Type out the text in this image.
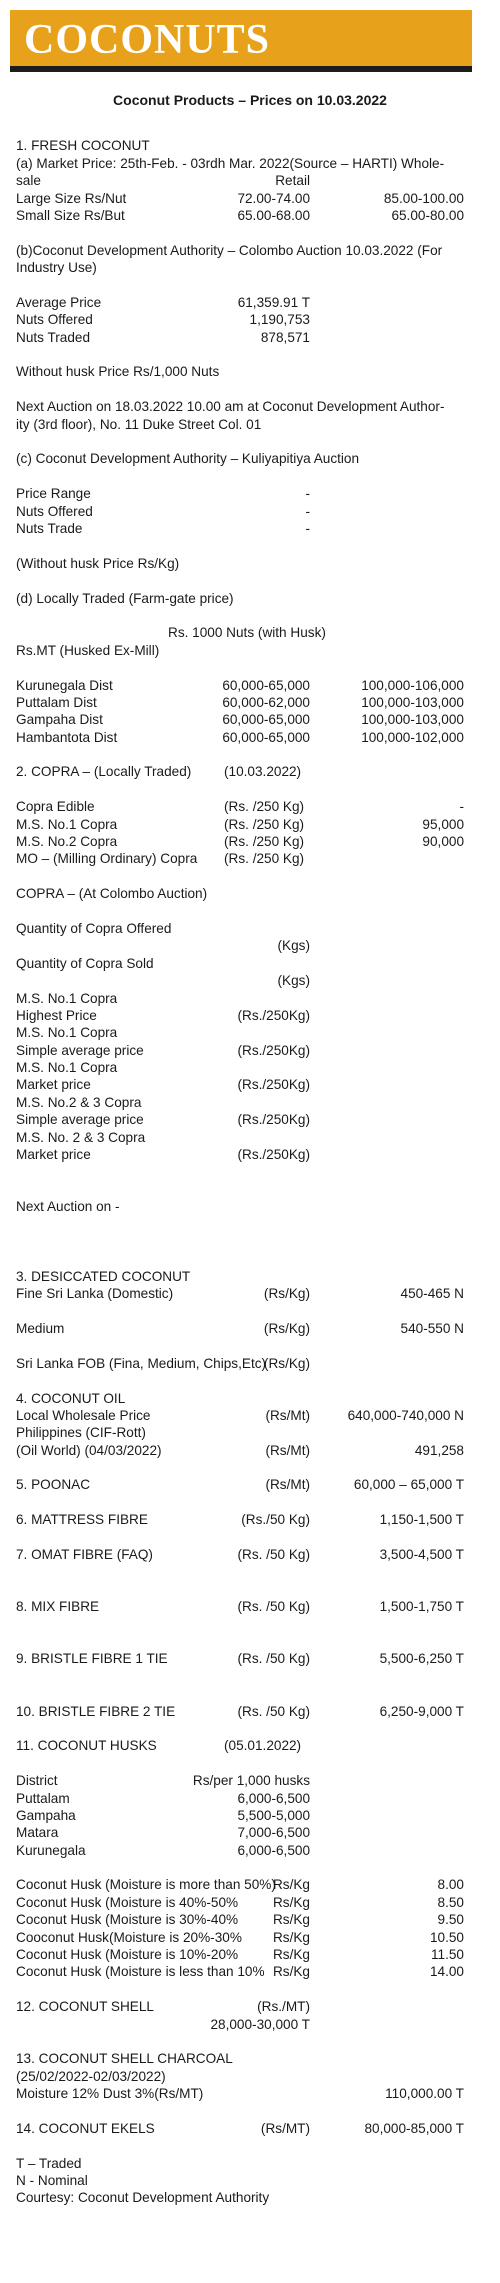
COCONUTS
Coconut Products – Prices on 10.03.2022
1. FRESH COCONUT
(a) Market Price: 25th-Feb. - 03rdh Mar. 2022(Source – HARTI) Whole-
sale	Retail
Large Size Rs/Nut	72.00-74.00	85.00-100.00
Small Size Rs/But	65.00-68.00	65.00-80.00
(b)Coconut Development Authority – Colombo Auction 10.03.2022 (For
Industry Use)
Average Price	61,359.91 T
Nuts Offered	1,190,753
Nuts Traded	878,571
Without husk Price Rs/1,000 Nuts
Next Auction on 18.03.2022 10.00 am at Coconut Development Author-
ity (3rd floor), No. 11 Duke Street Col. 01
(c) Coconut Development Authority – Kuliyapitiya Auction
Price Range	-
Nuts Offered	-
Nuts Trade	-
(Without husk Price Rs/Kg)
(d) Locally Traded (Farm-gate price)
Rs. 1000 Nuts (with Husk)
Rs.MT (Husked Ex-Mill)
Kurunegala Dist	60,000-65,000	100,000-106,000
Puttalam Dist	60,000-62,000	100,000-103,000
Gampaha Dist	60,000-65,000	100,000-103,000
Hambantota Dist	60,000-65,000	100,000-102,000
2. COPRA – (Locally Traded) (10.03.2022)
Copra Edible	(Rs. /250 Kg)	-
M.S. No.1 Copra	(Rs. /250 Kg)	95,000
M.S. No.2 Copra	(Rs. /250 Kg)	90,000
MO – (Milling Ordinary) Copra (Rs. /250 Kg)
COPRA – (At Colombo Auction)
Quantity of Copra Offered
(Kgs)
Quantity of Copra Sold
(Kgs)
M.S. No.1 Copra
Highest Price	(Rs./250Kg)
M.S. No.1 Copra
Simple average price	(Rs./250Kg)
M.S. No.1 Copra
Market price	(Rs./250Kg)
M.S. No.2 & 3 Copra
Simple average price	(Rs./250Kg)
M.S. No. 2 & 3 Copra
Market price	(Rs./250Kg)
Next Auction on -
3. DESICCATED COCONUT
Fine Sri Lanka (Domestic)	(Rs/Kg)	450-465 N
Medium	(Rs/Kg)	540-550 N
Sri Lanka FOB (Fina, Medium, Chips,Etc)
(Rs/Kg)
4. COCONUT OIL
Local Wholesale Price	(Rs/Mt)	640,000-740,000 N
Philippines (CIF-Rott)
(Oil World) (04/03/2022)	(Rs/Mt)	491,258
5. POONAC	(Rs/Mt)	60,000 – 65,000 T
6. MATTRESS FIBRE	(Rs./50 Kg)	1,150-1,500 T
7. OMAT FIBRE (FAQ)	(Rs. /50 Kg)	3,500-4,500 T
8. MIX FIBRE	(Rs. /50 Kg)	1,500-1,750 T
9. BRISTLE FIBRE 1 TIE	(Rs. /50 Kg)	5,500-6,250 T
10. BRISTLE FIBRE 2 TIE	(Rs. /50 Kg)	6,250-9,000 T
11. COCONUT HUSKS	(05.01.2022)
District	Rs/per 1,000 husks
Puttalam	6,000-6,500
Gampaha	5,500-5,000
Matara	7,000-6,500
Kurunegala	6,000-6,500
Coconut Husk (Moisture is more than 50%)
Rs/Kg	8.00
Coconut Husk (Moisture is 40%-50%	Rs/Kg	8.50
Coconut Husk (Moisture is 30%-40%	Rs/Kg	9.50
Cooconut Husk(Moisture is 20%-30% Rs/Kg	10.50
Coconut Husk (Moisture is 10%-20%	Rs/Kg	11.50
Coconut Husk (Moisture is less than 10% Rs/Kg	14.00
12. COCONUT SHELL	(Rs./MT)
28,000-30,000 T
13. COCONUT SHELL CHARCOAL
(25/02/2022-02/03/2022)
Moisture 12% Dust 3%(Rs/MT)	110,000.00 T
14. COCONUT EKELS	(Rs/MT)	80,000-85,000 T
T – Traded
N - Nominal
Courtesy: Coconut Development Authority
